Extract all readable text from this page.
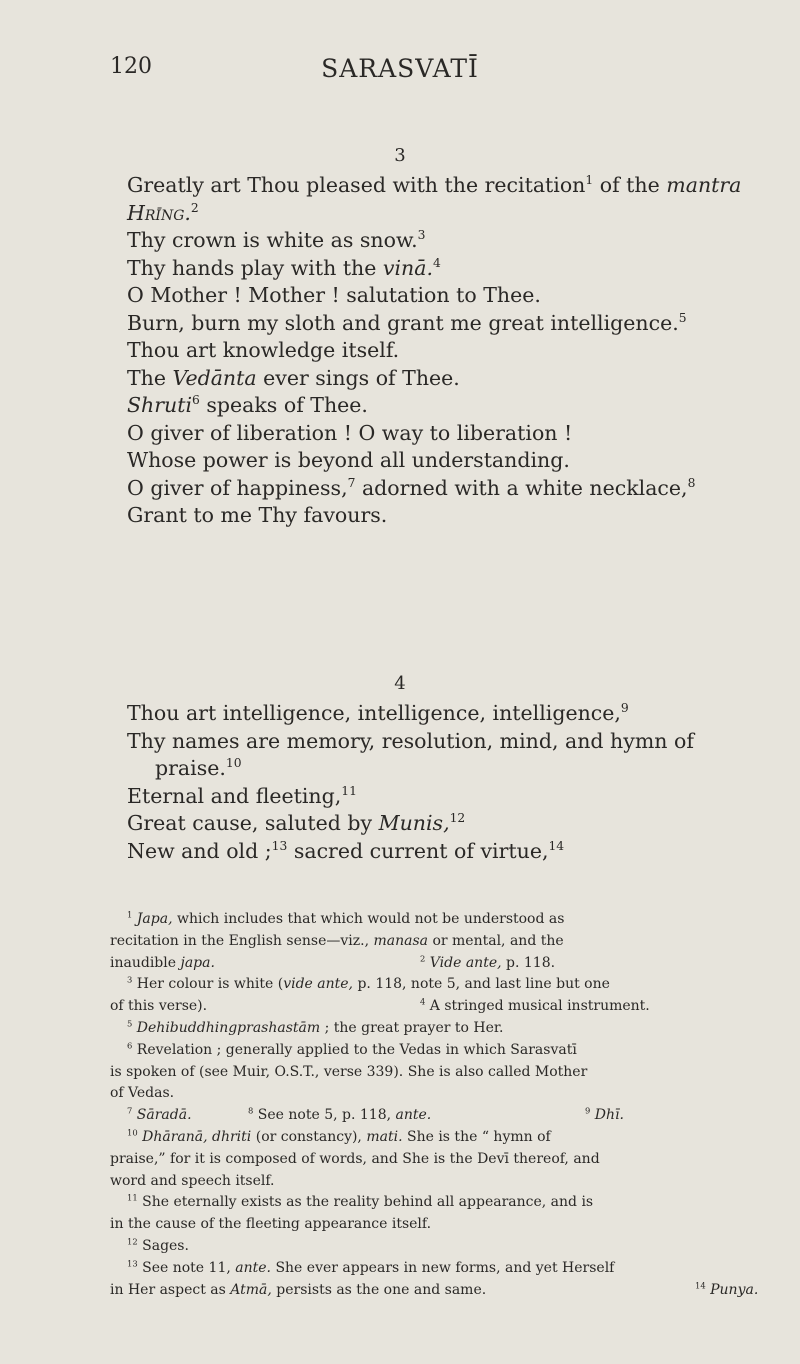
120	SARASVATĪ
3
Greatly art Thou pleased with the recitation$^1$ of the mantra
Hrīng.$^2$
Thy crown is white as snow.$^3$
Thy hands play with the vinā.$^4$
O Mother ! Mother ! salutation to Thee.
Burn, burn my sloth and grant me great intelligence.$^5$
Thou art knowledge itself.
The Vedānta ever sings of Thee.
Shruti$^6$ speaks of Thee.
O giver of liberation ! O way to liberation !
Whose power is beyond all understanding.
O giver of happiness,$^7$ adorned with a white necklace,$^8$
Grant to me Thy favours.
4
Thou art intelligence, intelligence, intelligence,$^9$
Thy names are memory, resolution, mind, and hymn of
praise.$^{10}$
Eternal and fleeting,$^{11}$
Great cause, saluted by Munis,$^{12}$
New and old ;$^{13}$ sacred current of virtue,$^{14}$
$^1$ Japa, which includes that which would not be understood as
recitation in the English sense—viz., manasa or mental, and the
inaudible japa.	$^2$ Vide ante, p. 118.
$^3$ Her colour is white (vide ante, p. 118, note 5, and last line but one
of this verse).	$^4$ A stringed musical instrument.
$^5$ Dehibuddhingprashastām ; the great prayer to Her.
$^6$ Revelation ; generally applied to the Vedas in which Sarasvatī
is spoken of (see Muir, O.S.T., verse 339). She is also called Mother
of Vedas.
$^7$ Sāradā.	$^8$ See note 5, p. 118, ante.	$^9$ Dhī.
$^{10}$ Dhāranā, dhriti (or constancy), mati. She is the “ hymn of
praise,” for it is composed of words, and She is the Devī thereof, and
word and speech itself.
$^{11}$ She eternally exists as the reality behind all appearance, and is
in the cause of the fleeting appearance itself.
$^{12}$ Sages.
$^{13}$ See note 11, ante. She ever appears in new forms, and yet Herself
in Her aspect as Atmā, persists as the one and same.	$^{14}$ Punya.
